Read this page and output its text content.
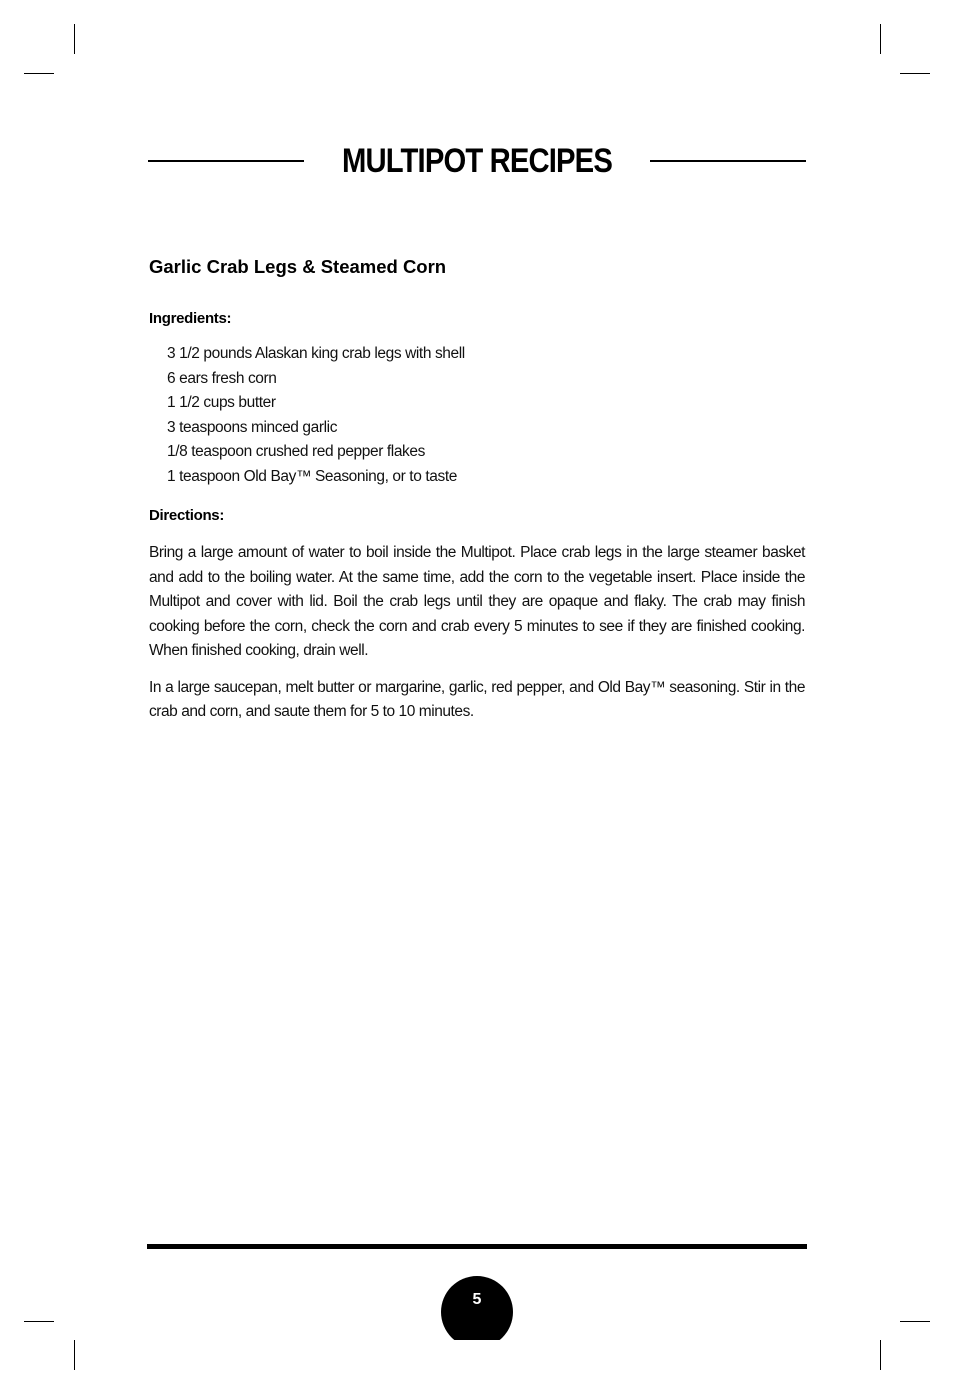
MULTIPOT RECIPES
Garlic Crab Legs & Steamed Corn
Ingredients:
3 1/2 pounds Alaskan king crab legs with shell
6 ears fresh corn
1 1/2 cups butter
3 teaspoons minced garlic
1/8 teaspoon crushed red pepper flakes
1 teaspoon Old Bay™ Seasoning, or to taste
Directions:

Bring a large amount of water to boil inside the Multipot. Place crab legs in the large steamer basket and add to the boiling water. At the same time, add the corn to the vegetable insert. Place inside the Multipot and cover with lid. Boil the crab legs until they are opaque and flaky. The crab may finish cooking before the corn, check the corn and crab every 5 minutes to see if they are finished cooking. When finished cooking, drain well.

In a large saucepan, melt butter or margarine, garlic, red pepper, and Old Bay™ seasoning. Stir in the crab and corn, and saute them for 5 to 10 minutes.

5
